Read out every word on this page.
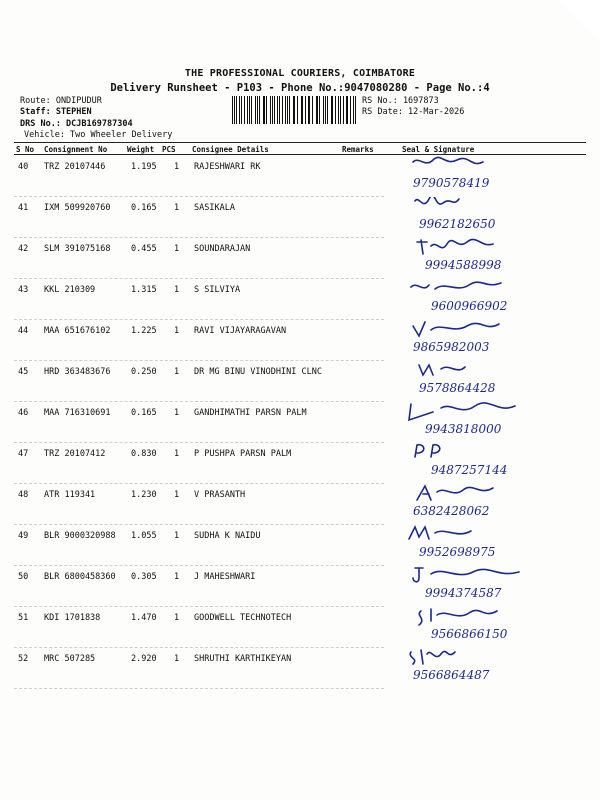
THE PROFESSIONAL COURIERS, COIMBATORE
Delivery Runsheet - P103 - Phone No.:9047080280 - Page No.:4
Route: ONDIPUDUR
Staff: STEPHEN
DRS No.: DCJB169787304
Vehicle: Two Wheeler Delivery
RS No.: 1697873
RS Date: 12-Mar-2026
S No Consignment No	Weight PCS Consignee Details	Remarks	Seal & Signature
40 TRZ 20107446	1.195 1 RAJESHWARI RK
9790578419
41 IXM 509920760 0.165 1 SASIKALA
9962182650
42 SLM 391075168 0.455 1 SOUNDARAJAN
9994588998
43 KKL 210309	1.315 1 S SILVIYA
9600966902
44 MAA 651676102 1.225 1 RAVI VIJAYARAGAVAN
9865982003
45 HRD 363483676 0.250 1 DR MG BINU VINODHINI CLNC
9578864428
46 MAA 716310691 0.165 1 GANDHIMATHI PARSN PALM
9943818000
47 TRZ 20107412	0.830 1 P PUSHPA PARSN PALM
9487257144
48 ATR 119341	1.230 1 V PRASANTH
6382428062
49 BLR 9000320988 1.055 1 SUDHA K NAIDU
9952698975
50 BLR 6800458360 0.305 1 J MAHESHWARI
9994374587
51 KDI 1701838	1.470 1 GOODWELL TECHNOTECH
9566866150
52 MRC 507285	2.920 1 SHRUTHI KARTHIKEYAN
9566864487
